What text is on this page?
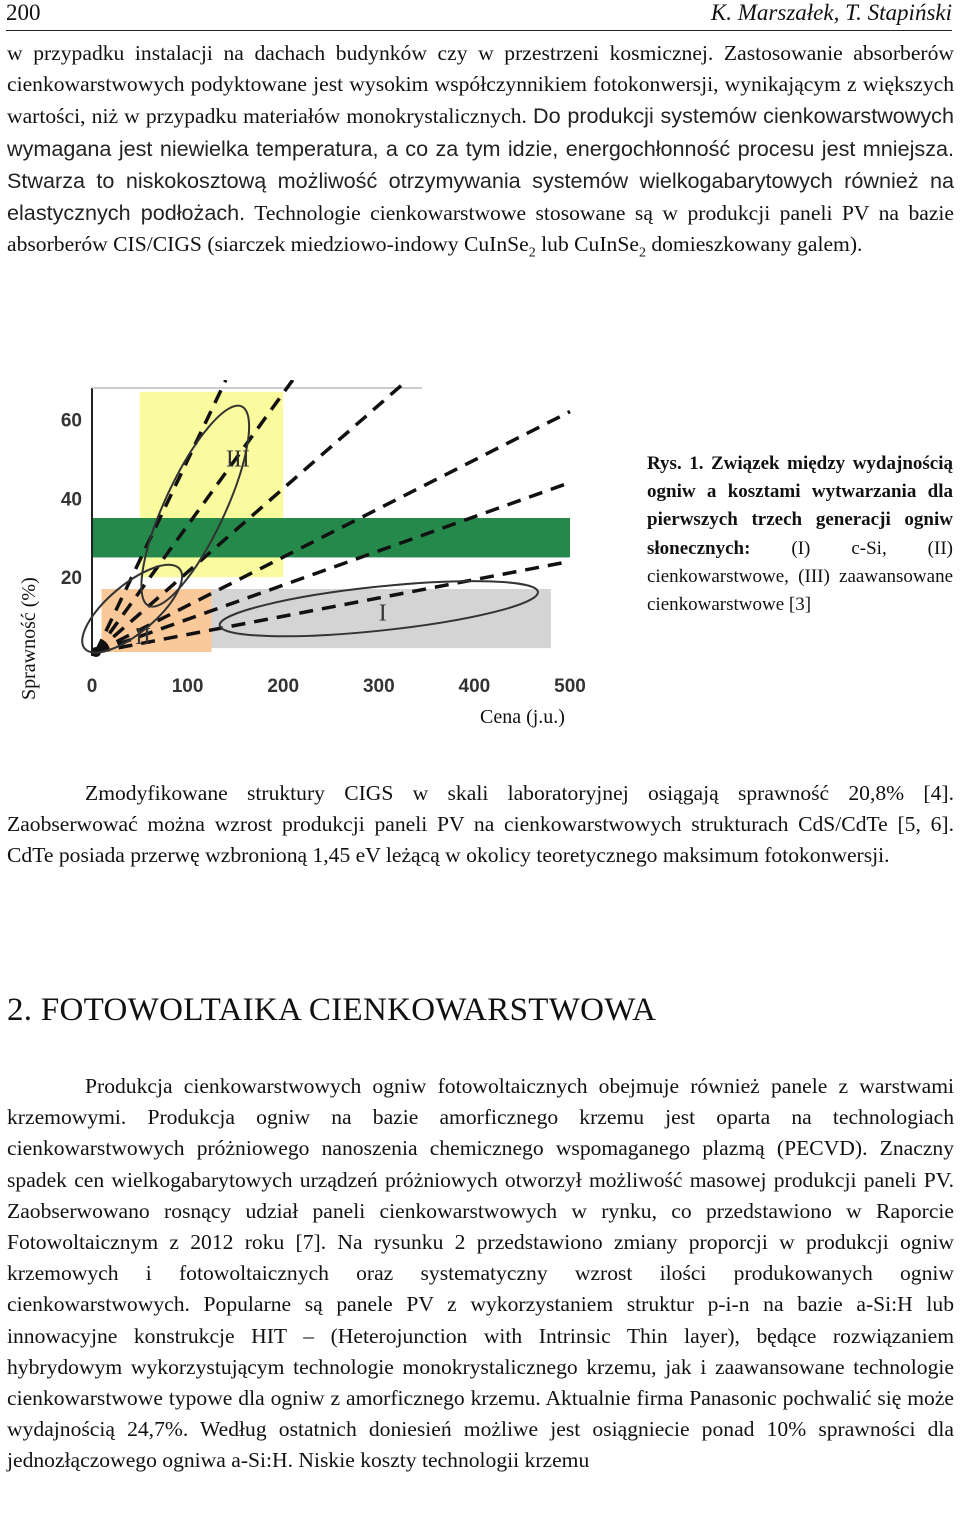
200	K. Marszałek, T. Stapiński

w przypadku instalacji na dachach budynków czy w przestrzeni kosmicznej. Zastosowanie absorberów cienkowarstwowych podyktowane jest wysokim współczynnikiem fotokonwersji, wynikającym z większych wartości, niż w przypadku materiałów monokrystalicznych. Do produkcji systemów cienkowarstwowych wymagana jest niewielka temperatura, a co za tym idzie, energochłonność procesu jest mniejsza. Stwarza to niskokosztową możliwość otrzymywania systemów wielkogabarytowych również na elastycznych podłożach. Technologie cienkowarstwowe stosowane są w produkcji paneli PV na bazie absorberów CIS/CIGS (siarczek miedziowo-indowy CuInSe$_2$ lub CuInSe$_2$ domieszkowany galem).

III
II
I
0	100	200	300	400	500
20
40
60
Sprawność (%)
Cena (j.u.)
Rys. 1. Związek między wydajnością ogniw a kosztami wytwarzania dla pierwszych trzech generacji ogniw słonecznych: (I) c-Si, (II) cienkowarstwowe, (III) zaawansowane cienkowarstwowe [3]

Zmodyfikowane struktury CIGS w skali laboratoryjnej osiągają sprawność 20,8% [4]. Zaobserwować można wzrost produkcji paneli PV na cienkowarstwowych strukturach CdS/CdTe [5, 6]. CdTe posiada przerwę wzbronioną 1,45 eV leżącą w okolicy teoretycznego maksimum fotokonwersji.

2. FOTOWOLTAIKA CIENKOWARSTWOWA

Produkcja cienkowarstwowych ogniw fotowoltaicznych obejmuje również panele z warstwami krzemowymi. Produkcja ogniw na bazie amorficznego krzemu jest oparta na technologiach cienkowarstwowych próżniowego nanoszenia chemicznego wspomaganego plazmą (PECVD). Znaczny spadek cen wielkogabarytowych urządzeń próżniowych otworzył możliwość masowej produkcji paneli PV. Zaobserwowano rosnący udział paneli cienkowarstwowych w rynku, co przedstawiono w Raporcie Fotowoltaicznym z 2012 roku [7]. Na rysunku 2 przedstawiono zmiany proporcji w produkcji ogniw krzemowych i fotowoltaicznych oraz systematyczny wzrost ilości produkowanych ogniw cienkowarstwowych. Popularne są panele PV z wykorzystaniem struktur p-i-n na bazie a-Si:H lub innowacyjne konstrukcje HIT – (Heterojunction with Intrinsic Thin layer), będące rozwiązaniem hybrydowym wykorzystującym technologie monokrystalicznego krzemu, jak i zaawansowane technologie cienkowarstwowe typowe dla ogniw z amorficznego krzemu. Aktualnie firma Panasonic pochwalić się może wydajnością 24,7%. Według ostatnich doniesień możliwe jest osiągniecie ponad 10% sprawności dla jednozłączowego ogniwa a-Si:H. Niskie koszty technologii krzemu
